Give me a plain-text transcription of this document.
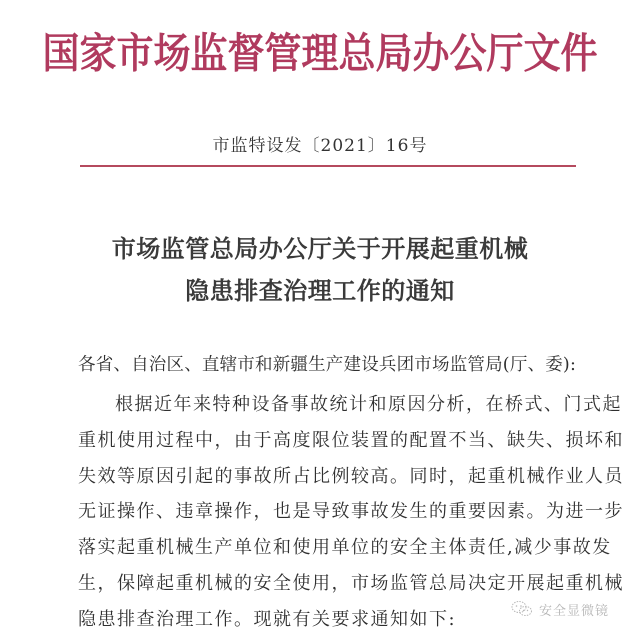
国家市场监督管理总局办公厅文件
市监特设发〔2021〕16号
市场监管总局办公厅关于开展起重机械
隐患排查治理工作的通知
各省、自治区、直辖市和新疆生产建设兵团市场监管局(厅、委):
根据近年来特种设备事故统计和原因分析，在桥式、门式起
重机使用过程中，由于高度限位装置的配置不当、缺失、损坏和
失效等原因引起的事故所占比例较高。同时，起重机械作业人员
无证操作、违章操作，也是导致事故发生的重要因素。为进一步
落实起重机械生产单位和使用单位的安全主体责任,减少事故发
生，保障起重机械的安全使用，市场监管总局决定开展起重机械
隐患排查治理工作。现就有关要求通知如下:	安全显微镜
